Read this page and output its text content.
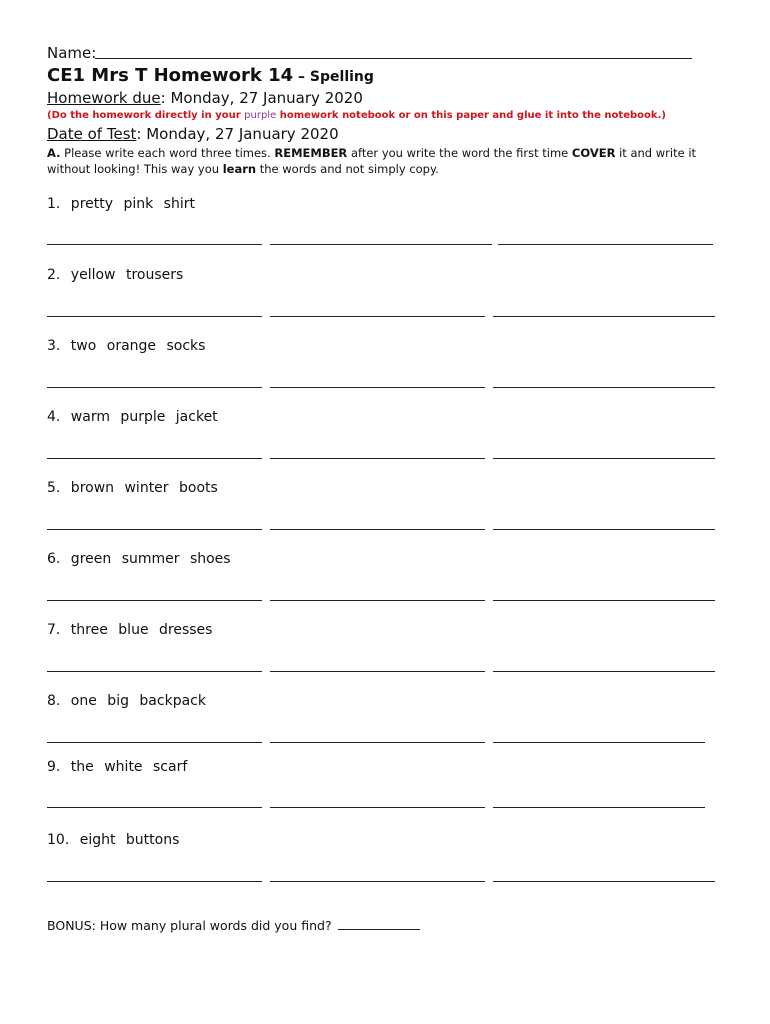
Name:
CE1 Mrs T Homework 14 – Spelling
Homework due: Monday, 27 January 2020
(Do the homework directly in your purple homework notebook or on this paper and glue it into the notebook.)
Date of Test: Monday, 27 January 2020
A. Please write each word three times. REMEMBER after you write the word the first time COVER it and write it without looking! This way you learn the words and not simply copy.
1. pretty pink shirt
2. yellow trousers
3. two orange socks
4. warm purple jacket
5. brown winter boots
6. green summer shoes
7. three blue dresses
8. one big backpack
9. the white scarf
10. eight buttons
BONUS: How many plural words did you find?
